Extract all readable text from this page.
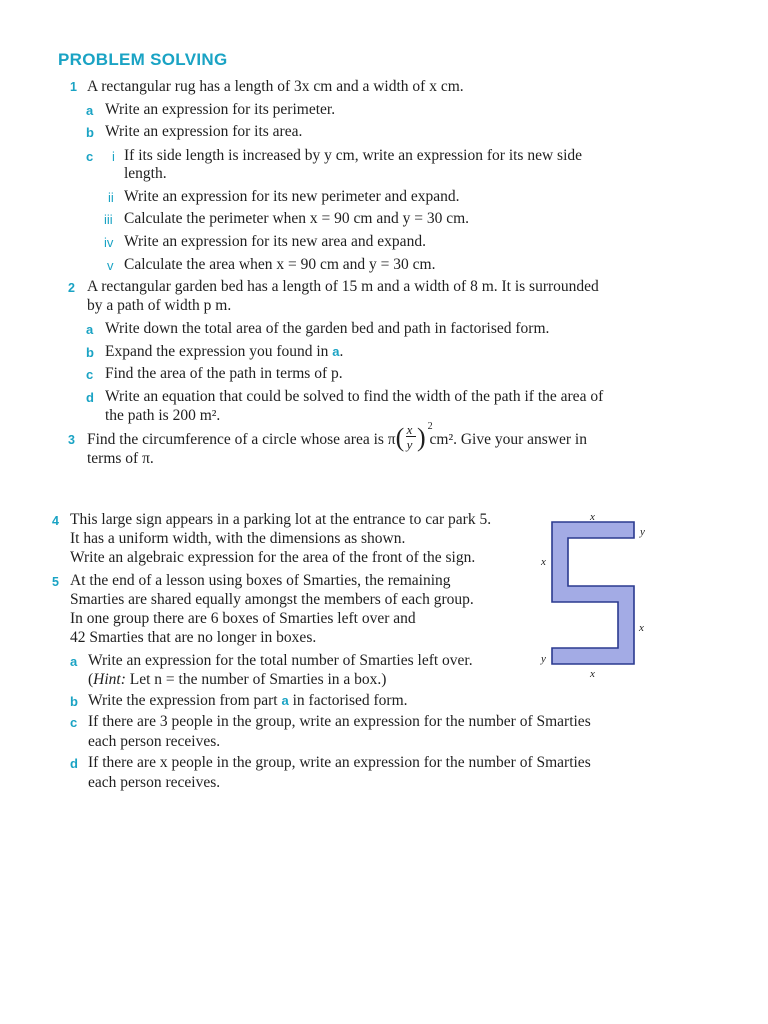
PROBLEM SOLVING
1 A rectangular rug has a length of 3x cm and a width of x cm.
a Write an expression for its perimeter.
b Write an expression for its area.
c i If its side length is increased by y cm, write an expression for its new side
length.
ii Write an expression for its new perimeter and expand.
iii Calculate the perimeter when x = 90 cm and y = 30 cm.
iv Write an expression for its new area and expand.
v Calculate the area when x = 90 cm and y = 30 cm.
2 A rectangular garden bed has a length of 15 m and a width of 8 m. It is surrounded
by a path of width p m.
a Write down the total area of the garden bed and path in factorised form.
b Expand the expression you found in a.
c Find the area of the path in terms of p.
d Write an equation that could be solved to find the width of the path if the area of
the path is 200 m².
3 Find the circumference of a circle whose area is π ( x
y ) 2
cm². Give your answer in
terms of π.
4 This large sign appears in a parking lot at the entrance to car park 5.
It has a uniform width, with the dimensions as shown.
Write an algebraic expression for the area of the front of the sign.
5 At the end of a lesson using boxes of Smarties, the remaining
Smarties are shared equally amongst the members of each group.
In one group there are 6 boxes of Smarties left over and
42 Smarties that are no longer in boxes.
a Write an expression for the total number of Smarties left over.
(Hint: Let n = the number of Smarties in a box.)
b Write the expression from part a in factorised form.
c If there are 3 people in the group, write an expression for the number of Smarties
each person receives.
d If there are x people in the group, write an expression for the number of Smarties
each person receives.
x
y
x
x
y
x
